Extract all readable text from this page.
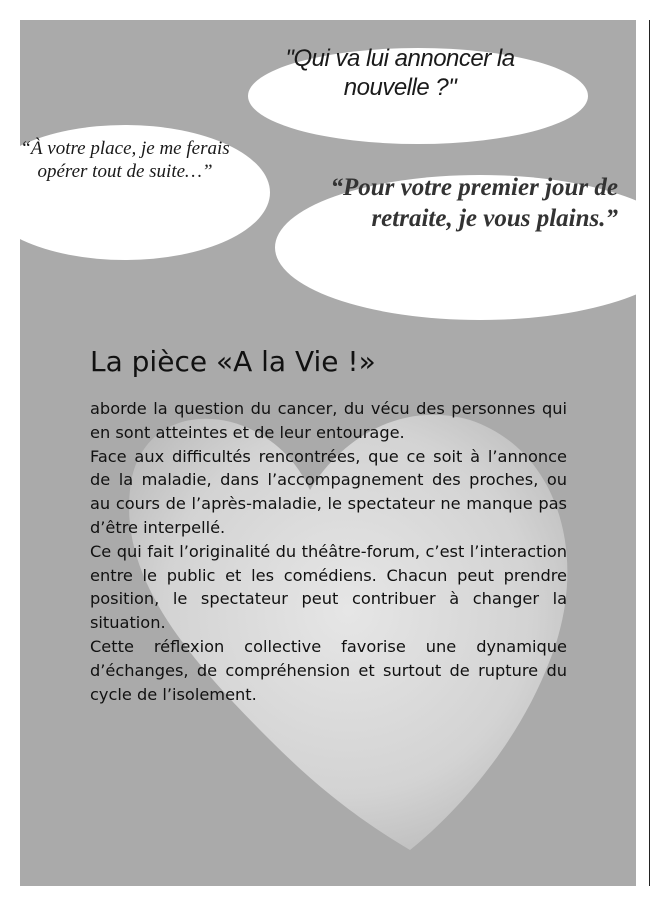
"Qui va lui annoncer la nouvelle ?"
“À votre place, je me ferais opérer tout de suite…”
“Pour votre premier jour de retraite, je vous plains.”
La pièce «A la Vie !»

aborde la question du cancer, du vécu des personnes qui en sont atteintes et de leur entourage.

Face aux difficultés rencontrées, que ce soit à l’annonce de la maladie, dans l’accompagnement des proches, ou au cours de l’après-maladie, le spectateur ne manque pas d’être interpellé.

Ce qui fait l’originalité du théâtre-forum, c’est l’interaction entre le public et les comédiens. Chacun peut prendre position, le spectateur peut contribuer à changer la situation.

Cette réflexion collective favorise une dynamique d’échanges, de compréhension et surtout de rupture du cycle de l’isolement.
